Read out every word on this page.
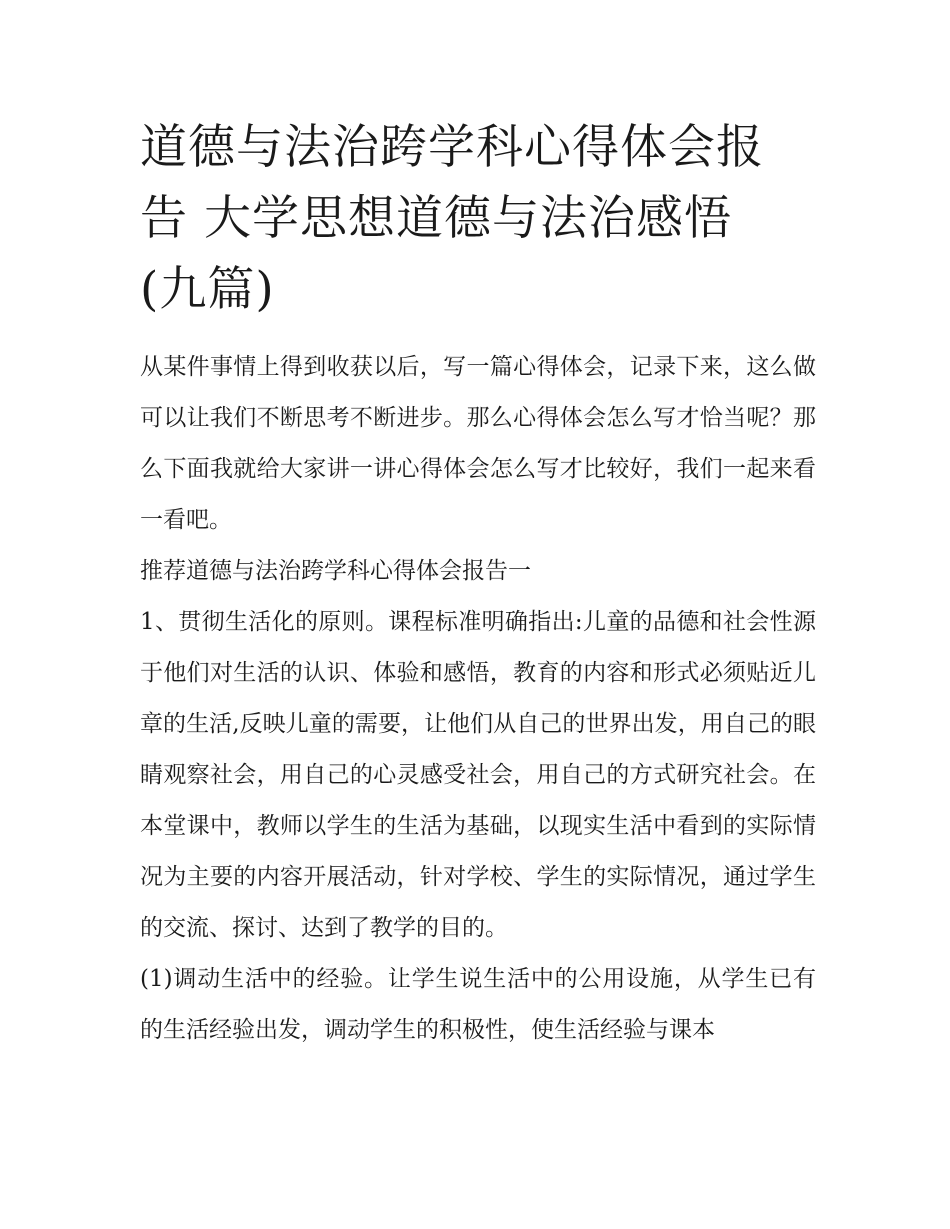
道德与法治跨学科心得体会报
告 大学思想道德与法治感悟
(九篇)

从某件事情上得到收获以后，写一篇心得体会，记录下来，这么做可以让我们不断思考不断进步。那么心得体会怎么写才恰当呢？那么下面我就给大家讲一讲心得体会怎么写才比较好，我们一起来看一看吧。

推荐道德与法治跨学科心得体会报告一

1、贯彻生活化的原则。课程标准明确指出:儿童的品德和社会性源于他们对生活的认识、体验和感悟，教育的内容和形式必须贴近儿章的生活,反映儿童的需要，让他们从自己的世界出发，用自己的眼睛观察社会，用自己的心灵感受社会，用自己的方式研究社会。在本堂课中，教师以学生的生活为基础，以现实生活中看到的实际情况为主要的内容开展活动，针对学校、学生的实际情况，通过学生的交流、探讨、达到了教学的目的。

(1)调动生活中的经验。让学生说生活中的公用设施，从学生已有的生活经验出发，调动学生的积极性，使生活经验与课本
